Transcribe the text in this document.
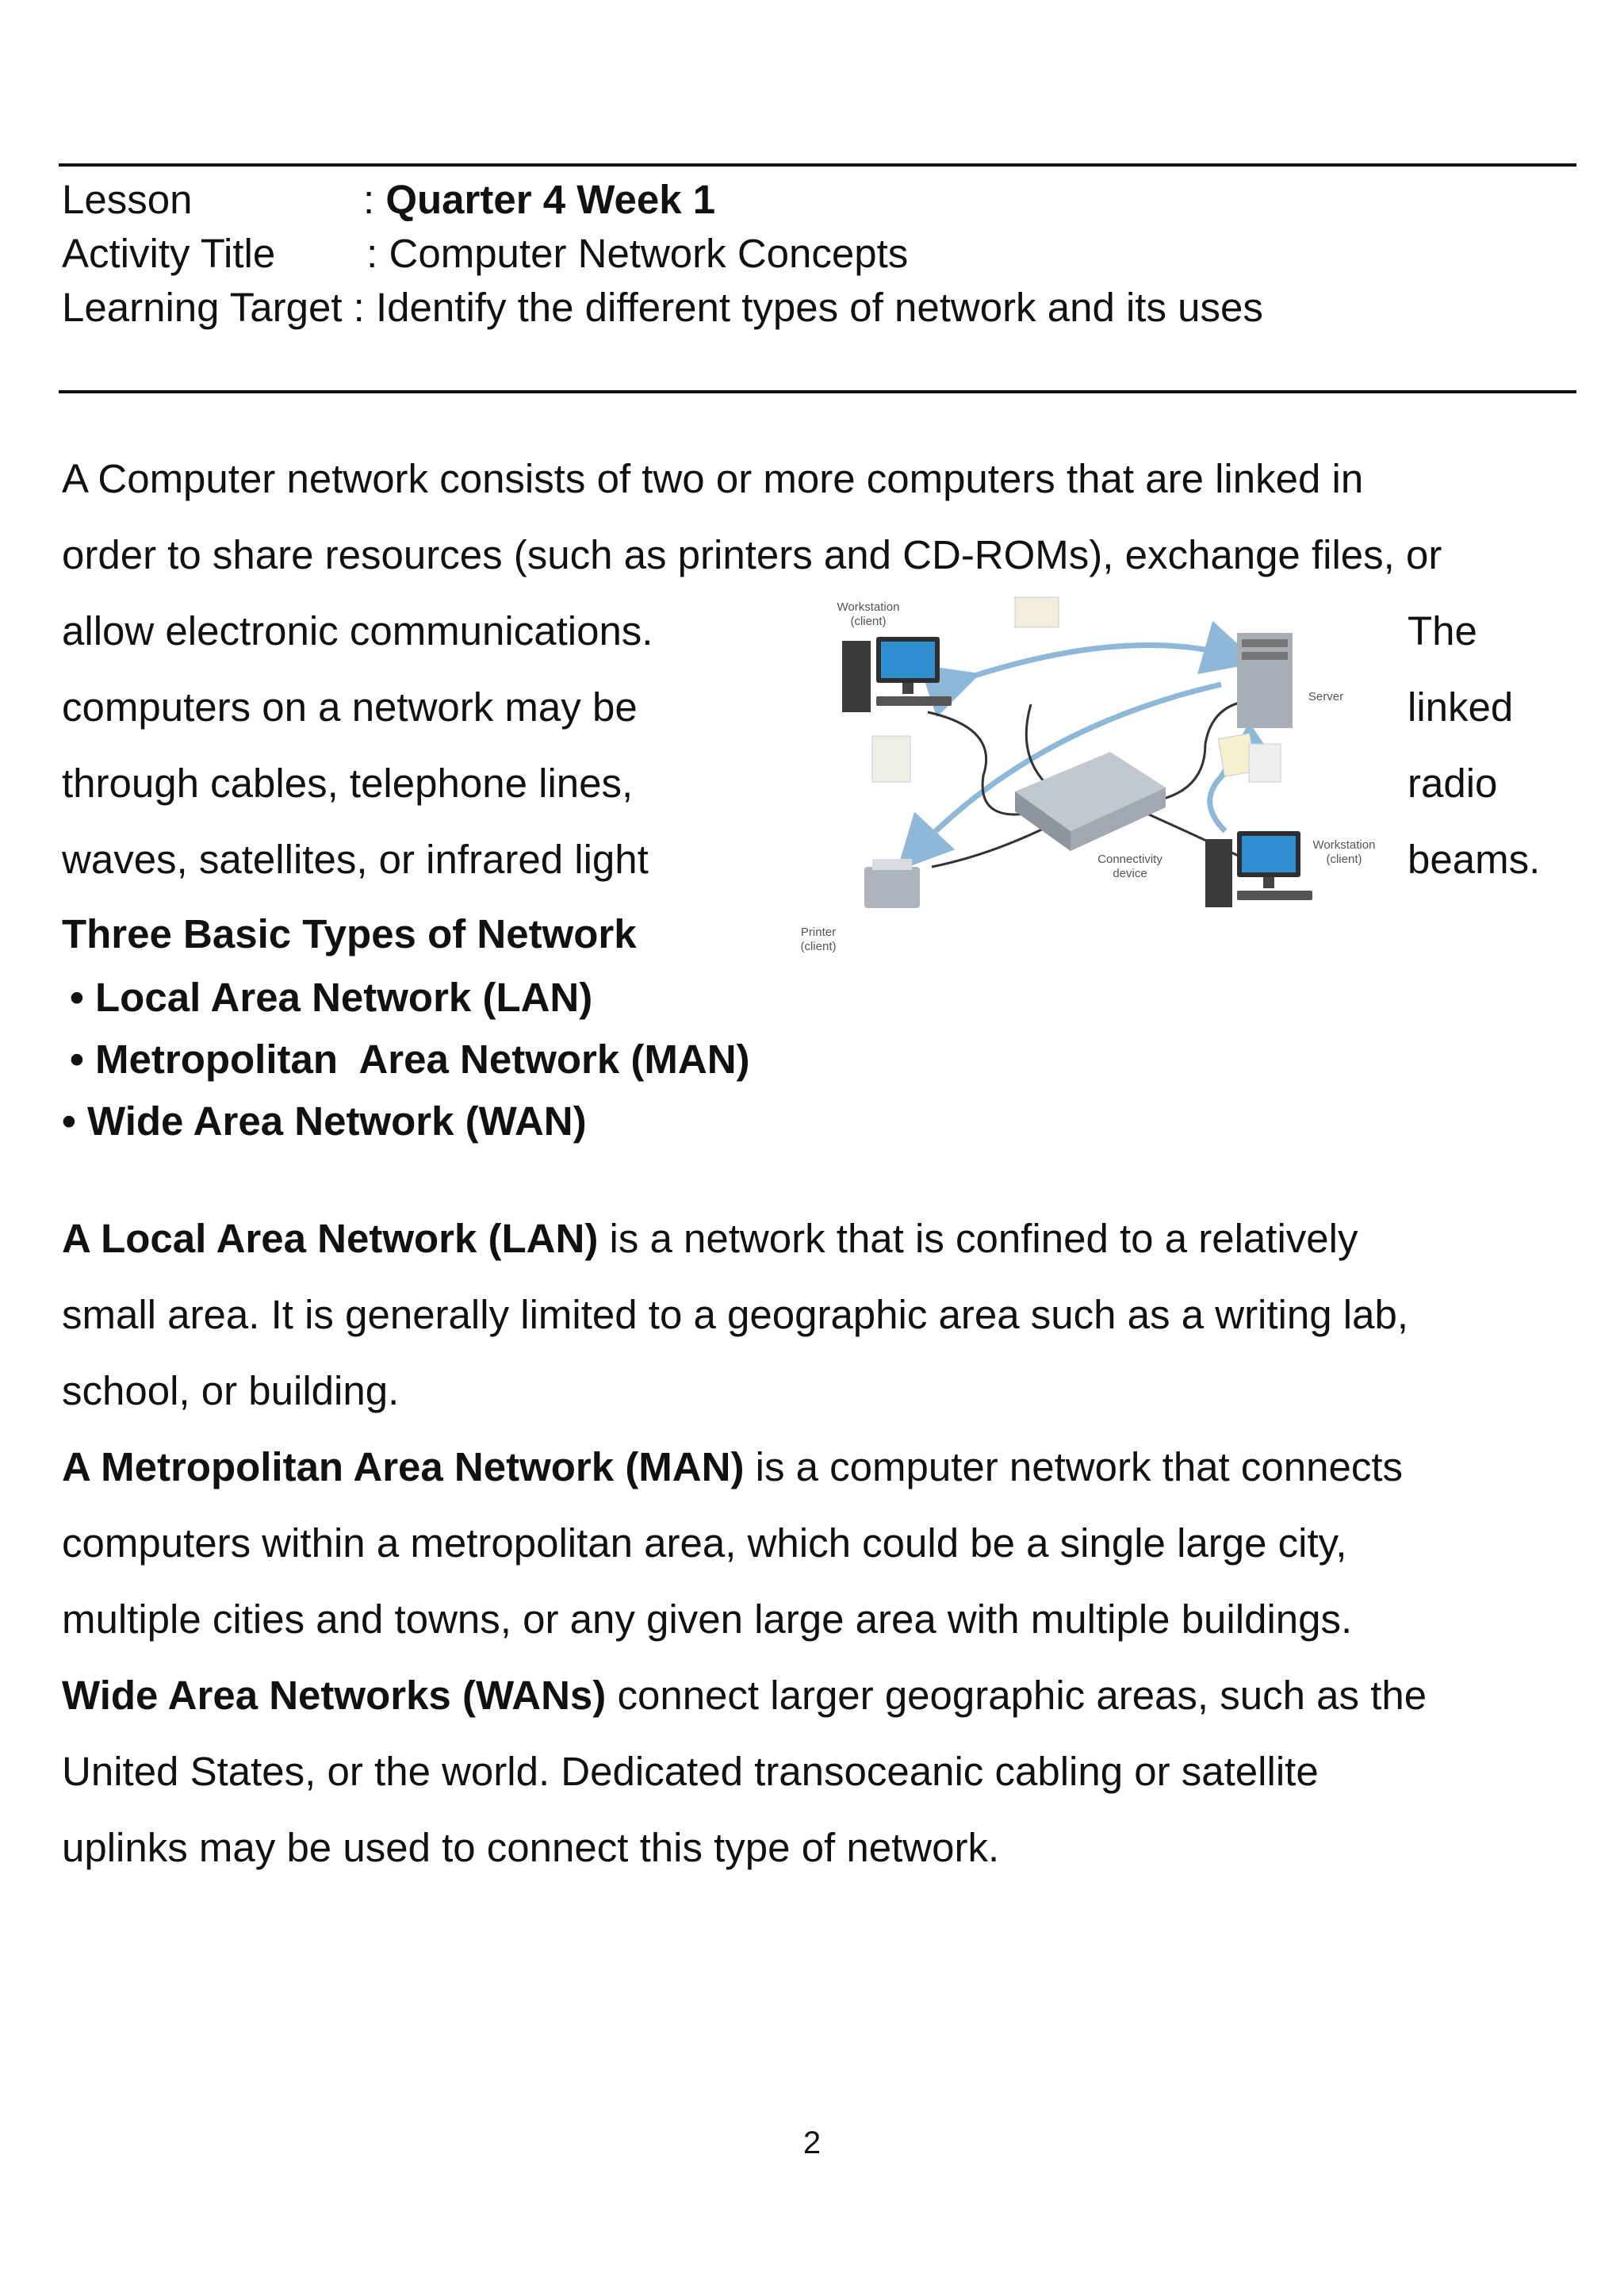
Lesson	: Quarter 4 Week 1
Activity Title : Computer Network Concepts
Learning Target : Identify the different types of network and its uses
A Computer network consists of two or more computers that are linked in
order to share resources (such as printers and CD-ROMs), exchange files, or
allow electronic communications.	The
computers on a network may be	linked
through cables, telephone lines,	radio
waves, satellites, or infrared light	beams.
Workstation
(client)
Server
Connectivity
device
Workstation
(client)
Printer
(client)
Three Basic Types of Network
• Local Area Network (LAN)
• Metropolitan  Area Network (MAN)
• Wide Area Network (WAN)
A Local Area Network (LAN) is a network that is confined to a relatively
small area. It is generally limited to a geographic area such as a writing lab,
school, or building.
A Metropolitan Area Network (MAN) is a computer network that connects
computers within a metropolitan area, which could be a single large city,
multiple cities and towns, or any given large area with multiple buildings.
Wide Area Networks (WANs) connect larger geographic areas, such as the
United States, or the world. Dedicated transoceanic cabling or satellite
uplinks may be used to connect this type of network.
2
